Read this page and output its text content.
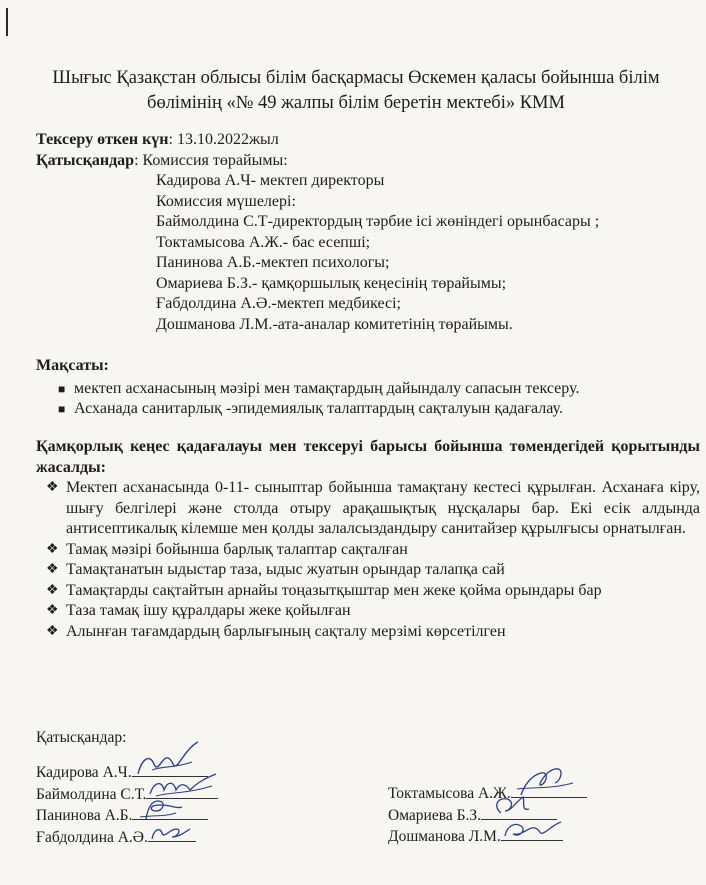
Шығыс Қазақстан облысы білім басқармасы Өскемен қаласы бойынша білім
бөлімінің «№ 49 жалпы білім беретін мектебі» КММ
Тексеру өткен күн: 13.10.2022жыл
Қатысқандар: Комиссия төрайымы:
Кадирова А.Ч- мектеп директоры
Комиссия мүшелері:
Баймолдина С.Т-директордың тәрбие ісі жөніндегі орынбасары ;
Токтамысова А.Ж.- бас есепші;
Панинова А.Б.-мектеп психологы;
Омариева Б.З.- қамқоршылық кеңесінің төрайымы;
Ғабдолдина А.Ә.-мектеп медбикесі;
Дошманова Л.М.-ата-аналар комитетінің төрайымы.
Мақсаты:
■ мектеп асханасының мәзірі мен тамақтардың дайындалу сапасын тексеру.
■ Асханада санитарлық -эпидемиялық талаптардың сақталуын қадағалау.
Қамқорлық кеңес қадағалауы мен тексеруі барысы бойынша төмендегідей қорытынды жасалды:
❖ Мектеп асханасында 0-11- сыныптар бойынша тамақтану кестесі құрылған. Асханаға кіру, шығу белгілері және столда отыру арақашықтық нұсқалары бар. Екі есік алдында антисептикалық кілемше мен қолды залалсыздандыру санитайзер құрылғысы орнатылған.
❖ Тамақ мәзірі бойынша барлық талаптар сақталған
❖ Тамақтанатын ыдыстар таза, ыдыс жуатын орындар талапқа сай
❖ Тамақтарды сақтайтын арнайы тоңазытқыштар мен жеке қойма орындары бар
❖ Таза тамақ ішу құралдары жеке қойылған
❖ Алынған тағамдардың барлығының сақталу мерзімі көрсетілген
Қатысқандар:
Кадирова А.Ч.
Баймолдина С.Т.
Панинова А.Б.
Ғабдолдина А.Ә.
Токтамысова А.Ж.
Омариева Б.З.
Дошманова Л.М.
